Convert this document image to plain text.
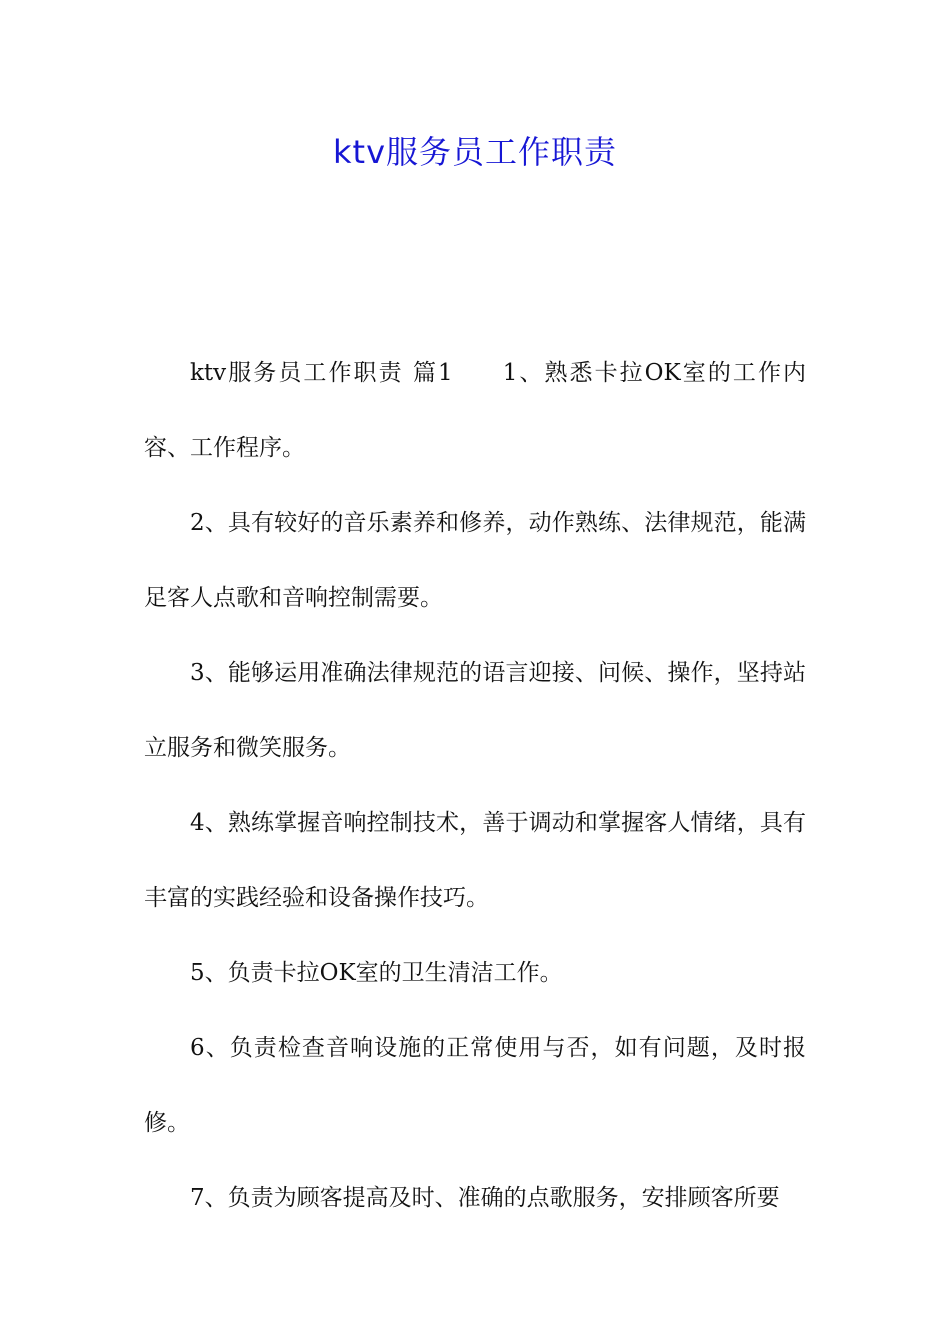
ktv服务员工作职责

ktv服务员工作职责 篇1 1、熟悉卡拉OK室的工作内容、工作程序。

2、具有较好的音乐素养和修养，动作熟练、法律规范，能满足客人点歌和音响控制需要。

3、能够运用准确法律规范的语言迎接、问候、操作，坚持站立服务和微笑服务。

4、熟练掌握音响控制技术，善于调动和掌握客人情绪，具有丰富的实践经验和设备操作技巧。

5、负责卡拉OK室的卫生清洁工作。

6、负责检查音响设施的正常使用与否，如有问题，及时报修。

7、负责为顾客提高及时、准确的点歌服务，安排顾客所要
